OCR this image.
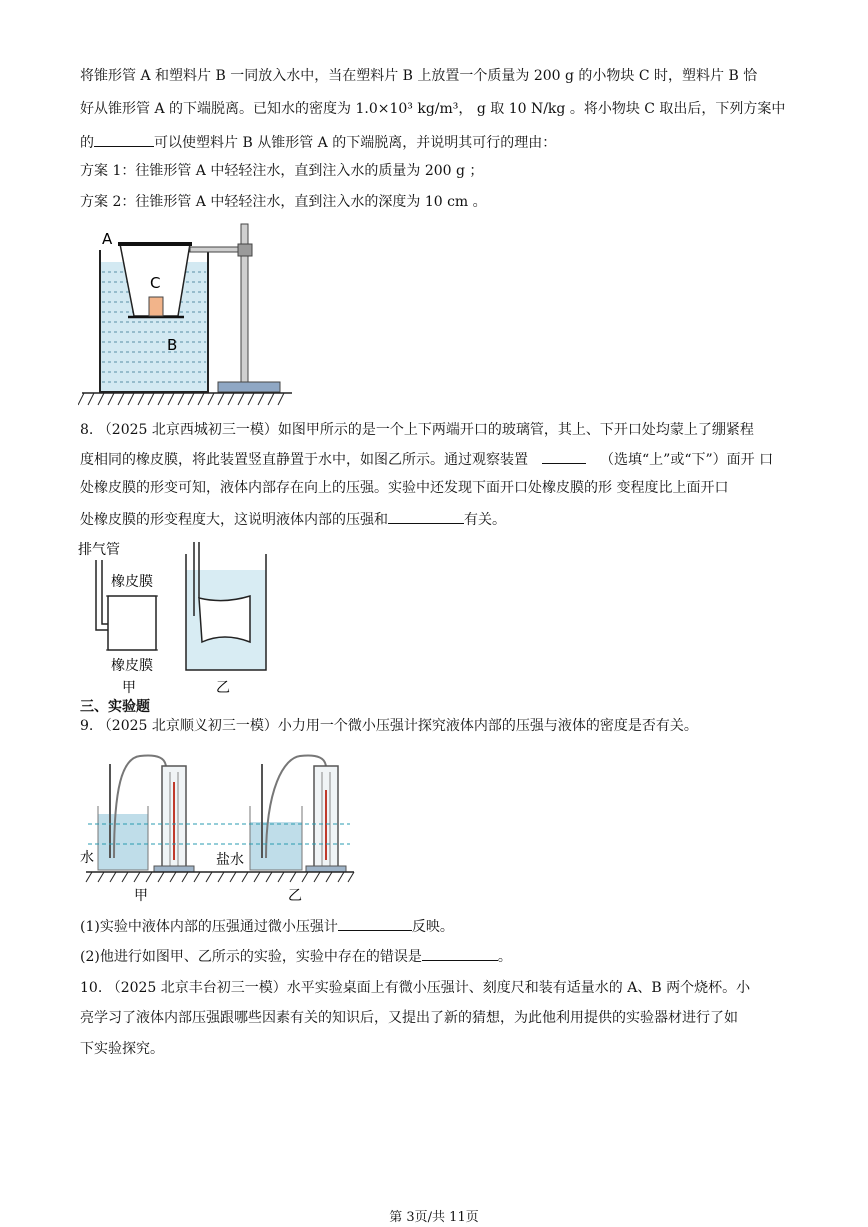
将锥形管 A 和塑料片 B 一同放入水中，当在塑料片 B 上放置一个质量为 200 g 的小物块 C 时，塑料片 B 恰
好从锥形管 A 的下端脱离。已知水的密度为 1.0×10³ kg/m³， g 取 10 N/kg 。将小物块 C 取出后，下列方案中
的	可以使塑料片 B 从锥形管 A 的下端脱离，并说明其可行的理由：
方案 1：往锥形管 A 中轻轻注水，直到注入水的质量为 200 g ；
方案 2：往锥形管 A 中轻轻注水，直到注入水的深度为 10 cm 。
A
C
B
8. （2025 北京西城初三一模）如图甲所示的是一个上下两端开口的玻璃管，其上、下开口处均蒙上了绷紧程
度相同的橡皮膜，将此装置竖直静置于水中，如图乙所示。通过观察装置	（选填“上”或“下”）面开 口
处橡皮膜的形变可知，液体内部存在向上的压强。实验中还发现下面开口处橡皮膜的形 变程度比上面开口
处橡皮膜的形变程度大，这说明液体内部的压强和	有关。
排气管
橡皮膜
橡皮膜
甲	乙
三、实验题
9. （2025 北京顺义初三一模）小力用一个微小压强计探究液体内部的压强与液体的密度是否有关。
水	盐水
甲	乙
(1)实验中液体内部的压强通过微小压强计	反映。
(2)他进行如图甲、乙所示的实验，实验中存在的错误是	。
10. （2025 北京丰台初三一模）水平实验桌面上有微小压强计、刻度尺和装有适量水的 A、B 两个烧杯。小
亮学习了液体内部压强跟哪些因素有关的知识后，又提出了新的猜想，为此他利用提供的实验器材进行了如
下实验探究。
第 3页/共 11页
